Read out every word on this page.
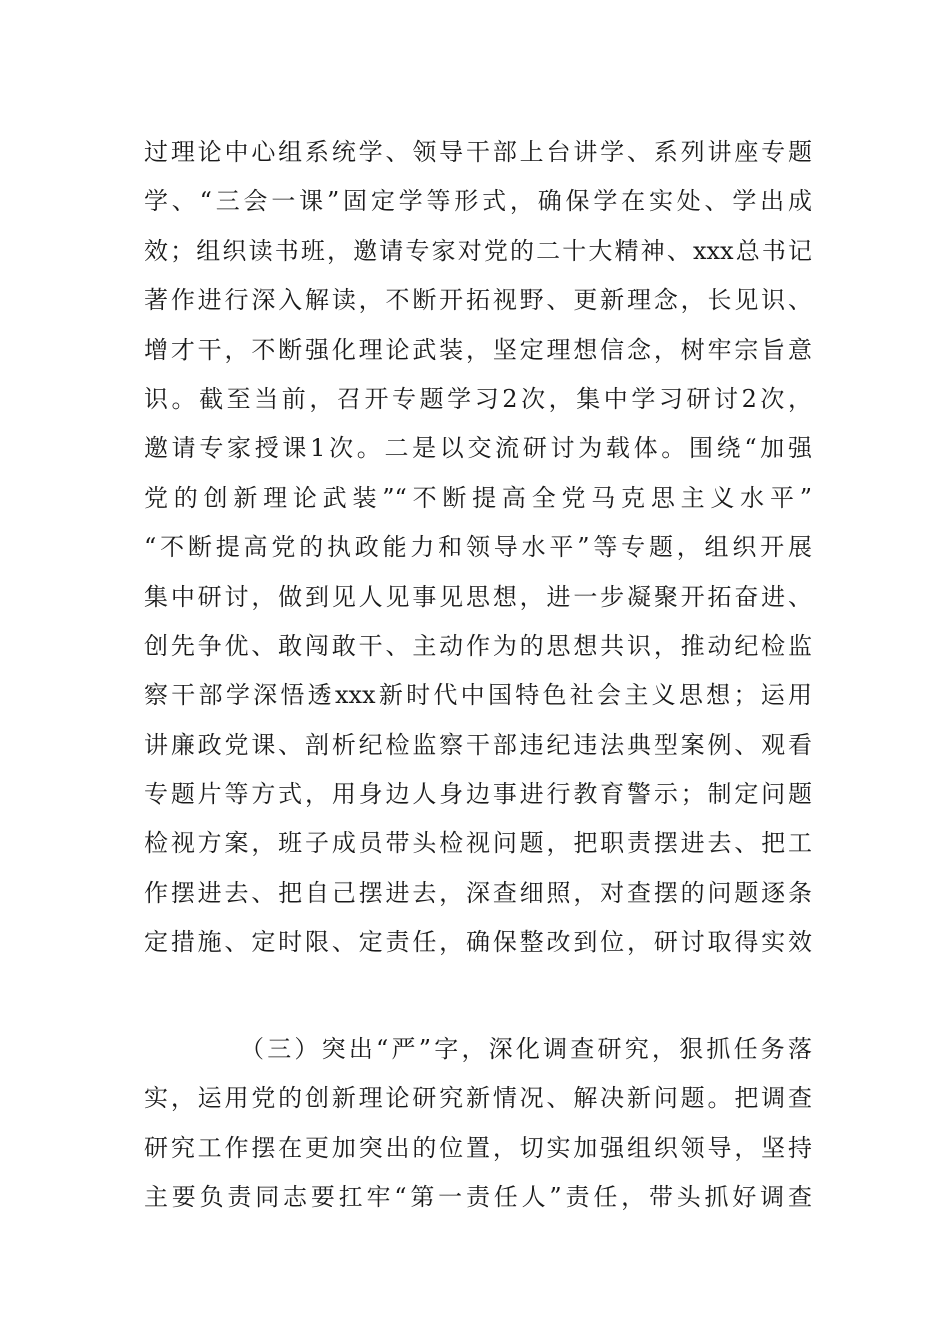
过理论中心组系统学、领导干部上台讲学、系列讲座专题
学、“三会一课”固定学等形式，确保学在实处、学出成
效；组织读书班，邀请专家对党的二十大精神、xxx总书记
著作进行深入解读，不断开拓视野、更新理念，长见识、
增才干，不断强化理论武装，坚定理想信念，树牢宗旨意
识。截至当前，召开专题学习2次，集中学习研讨2次，
邀请专家授课1次。二是以交流研讨为载体。围绕“加强
党的创新理论武装”“不断提高全党马克思主义水平”
“不断提高党的执政能力和领导水平”等专题，组织开展
集中研讨，做到见人见事见思想，进一步凝聚开拓奋进、
创先争优、敢闯敢干、主动作为的思想共识，推动纪检监
察干部学深悟透xxx新时代中国特色社会主义思想；运用
讲廉政党课、剖析纪检监察干部违纪违法典型案例、观看
专题片等方式，用身边人身边事进行教育警示；制定问题
检视方案，班子成员带头检视问题，把职责摆进去、把工
作摆进去、把自己摆进去，深查细照，对查摆的问题逐条
定措施、定时限、定责任，确保整改到位，研讨取得实效
（三）突出“严”字，深化调查研究，狠抓任务落
实，运用党的创新理论研究新情况、解决新问题。把调查
研究工作摆在更加突出的位置，切实加强组织领导，坚持
主要负责同志要扛牢“第一责任人”责任，带头抓好调查
